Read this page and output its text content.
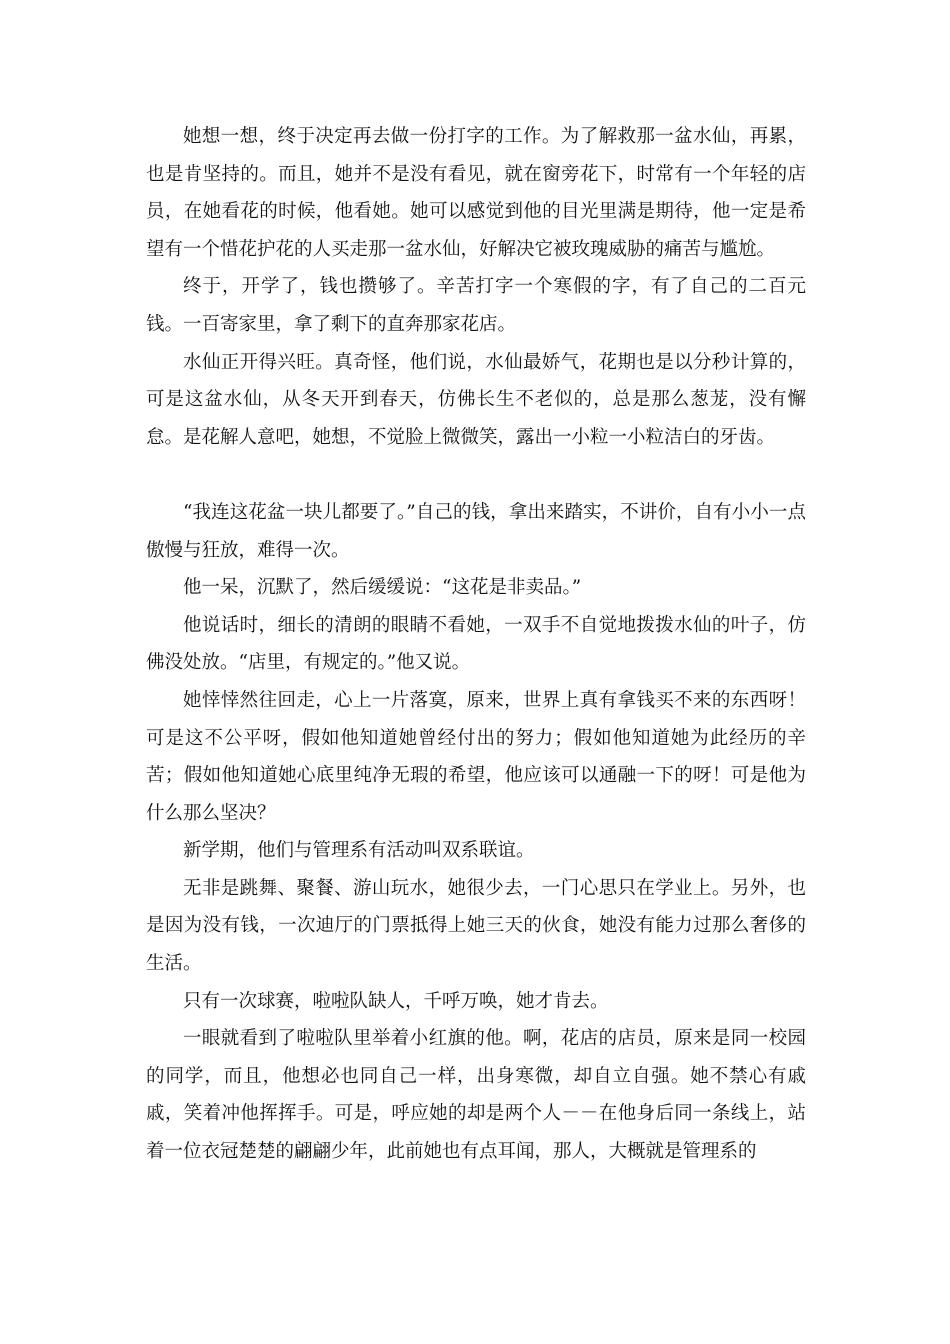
她想一想，终于决定再去做一份打字的工作。为了解救那一盆水仙，再累，也是肯坚持的。而且，她并不是没有看见，就在窗旁花下，时常有一个年轻的店员，在她看花的时候，他看她。她可以感觉到他的目光里满是期待，他一定是希望有一个惜花护花的人买走那一盆水仙，好解决它被玫瑰威胁的痛苦与尴尬。

终于，开学了，钱也攒够了。辛苦打字一个寒假的字，有了自己的二百元钱。一百寄家里，拿了剩下的直奔那家花店。

水仙正开得兴旺。真奇怪，他们说，水仙最娇气，花期也是以分秒计算的，可是这盆水仙，从冬天开到春天，仿佛长生不老似的，总是那么葱茏，没有懈怠。是花解人意吧，她想，不觉脸上微微笑，露出一小粒一小粒洁白的牙齿。

“我连这花盆一块儿都要了。”自己的钱，拿出来踏实，不讲价，自有小小一点傲慢与狂放，难得一次。

他一呆，沉默了，然后缓缓说：“这花是非卖品。”

他说话时，细长的清朗的眼睛不看她，一双手不自觉地拨拨水仙的叶子，仿佛没处放。“店里，有规定的。”他又说。

她悻悻然往回走，心上一片落寞，原来，世界上真有拿钱买不来的东西呀！可是这不公平呀，假如他知道她曾经付出的努力；假如他知道她为此经历的辛苦；假如他知道她心底里纯净无瑕的希望，他应该可以通融一下的呀！可是他为什么那么坚决？

新学期，他们与管理系有活动叫双系联谊。

无非是跳舞、聚餐、游山玩水，她很少去，一门心思只在学业上。另外，也是因为没有钱，一次迪厅的门票抵得上她三天的伙食，她没有能力过那么奢侈的生活。

只有一次球赛，啦啦队缺人，千呼万唤，她才肯去。

一眼就看到了啦啦队里举着小红旗的他。啊，花店的店员，原来是同一校园的同学，而且，他想必也同自己一样，出身寒微，却自立自强。她不禁心有戚戚，笑着冲他挥挥手。可是，呼应她的却是两个人－－在他身后同一条线上，站着一位衣冠楚楚的翩翩少年，此前她也有点耳闻，那人，大概就是管理系的
